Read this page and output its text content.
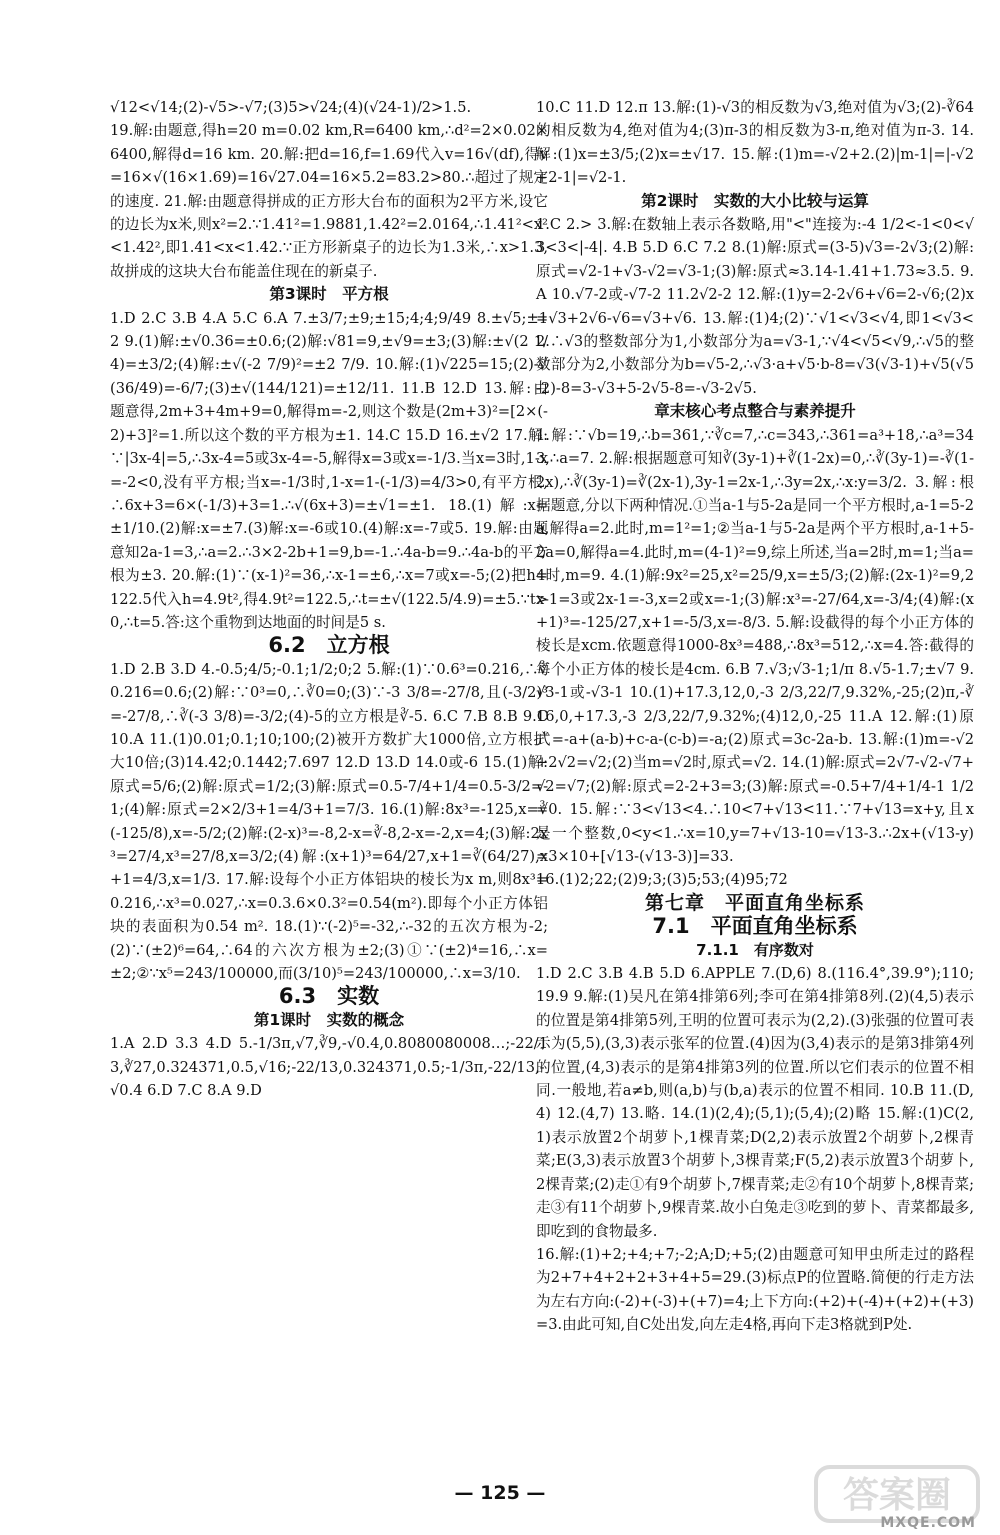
√12<√14;(2)-√5>-√7;(3)5>√24;(4)(√24-1)/2>1.5.

19.解:由题意,得h=20 m=0.02 km,R=6400 km,∴d²=2×0.02×6400,解得d=16 km. 20.解:把d=16,f=1.69代入v=16√(df),得v=16×√(16×1.69)=16√27.04=16×5.2=83.2>80.∴超过了规定的速度. 21.解:由题意得拼成的正方形大台布的面积为2平方米,设它的边长为x米,则x²=2.∵1.41²=1.9881,1.42²=2.0164,∴1.41²<x²<1.42²,即1.41<x<1.42.∵正方形新桌子的边长为1.3米,∴x>1.3,故拼成的这块大台布能盖住现在的新桌子.

第3课时　平方根

1.D 2.C 3.B 4.A 5.C 6.A 7.±3/7;±9;±15;4;4;9/49 8.±√5;±12 9.(1)解:±√0.36=±0.6;(2)解:√81=9,±√9=±3;(3)解:±√(2 1/4)=±3/2;(4)解:±√(-2 7/9)²=±2 7/9. 10.解:(1)√225=15;(2)-√(36/49)=-6/7;(3)±√(144/121)=±12/11. 11.B 12.D 13.解:由题意得,2m+3+4m+9=0,解得m=-2,则这个数是(2m+3)²=[2×(-2)+3]²=1.所以这个数的平方根为±1. 14.C 15.D 16.±√2 17.解:∵|3x-4|=5,∴3x-4=5或3x-4=-5,解得x=3或x=-1/3.当x=3时,1-x=-2<0,没有平方根;当x=-1/3时,1-x=1-(-1/3)=4/3>0,有平方根,∴6x+3=6×(-1/3)+3=1.∴√(6x+3)=±√1=±1. 18.(1)解:x=±1/10.(2)解:x=±7.(3)解:x=-6或10.(4)解:x=-7或5. 19.解:由题意知2a-1=3,∴a=2.∴3×2-2b+1=9,b=-1.∴4a-b=9.∴4a-b的平方根为±3. 20.解:(1)∵(x-1)²=36,∴x-1=±6,∴x=7或x=-5;(2)把h=122.5代入h=4.9t²,得4.9t²=122.5,∴t=±√(122.5/4.9)=±5.∵t>0,∴t=5.答:这个重物到达地面的时间是5 s.

6.2　立方根

1.D 2.B 3.D 4.-0.5;4/5;-0.1;1/2;0;2 5.解:(1)∵0.6³=0.216,∴∛0.216=0.6;(2)解:∵0³=0,∴∛0=0;(3)∵-3 3/8=-27/8,且(-3/2)³=-27/8,∴∛(-3 3/8)=-3/2;(4)-5的立方根是∛-5. 6.C 7.B 8.B 9.C 10.A 11.(1)0.01;0.1;10;100;(2)被开方数扩大1000倍,立方根扩大10倍;(3)14.42;0.1442;7.697 12.D 13.D 14.0或-6 15.(1)解:原式=5/6;(2)解:原式=1/2;(3)解:原式=0.5-7/4+1/4=0.5-3/2=-1;(4)解:原式=2×2/3+1=4/3+1=7/3. 16.(1)解:8x³=-125,x=∛(-125/8),x=-5/2;(2)解:(2-x)³=-8,2-x=∛-8,2-x=-2,x=4;(3)解:2x³=27/4,x³=27/8,x=3/2;(4)解:(x+1)³=64/27,x+1=∛(64/27),x+1=4/3,x=1/3. 17.解:设每个小正方体铝块的棱长为x m,则8x³=0.216,∴x³=0.027,∴x=0.3.6×0.3²=0.54(m²).即每个小正方体铝块的表面积为0.54 m². 18.(1)∵(-2)⁵=-32,∴-32的五次方根为-2;(2)∵(±2)⁶=64,∴64的六次方根为±2;(3)①∵(±2)⁴=16,∴x=±2;②∵x⁵=243/100000,而(3/10)⁵=243/100000,∴x=3/10.

6.3　实数

第1课时　实数的概念

1.A 2.D 3.3 4.D 5.-1/3π,√7,∛9,-√0.4,0.8080080008…;-22/13,∛27,0.324371,0.5,√16;-22/13,0.324371,0.5;-1/3π,-22/13,-√0.4 6.D 7.C 8.A 9.D

10.C 11.D 12.π 13.解:(1)-√3的相反数为√3,绝对值为√3;(2)-∛64的相反数为4,绝对值为4;(3)π-3的相反数为3-π,绝对值为π-3. 14.解:(1)x=±3/5;(2)x=±√17. 15.解:(1)m=-√2+2.(2)|m-1|=|-√2+2-1|=√2-1.

第2课时　实数的大小比较与运算

1.C 2.> 3.解:在数轴上表示各数略,用"<"连接为:-4 1/2<-1<0<√3<3<|-4|. 4.B 5.D 6.C 7.2 8.(1)解:原式=(3-5)√3=-2√3;(2)解:原式=√2-1+√3-√2=√3-1;(3)解:原式≈3.14-1.41+1.73≈3.5. 9.A 10.√7-2或-√7-2 11.2√2-2 12.解:(1)y=2-2√6+√6=2-√6;(2)x=√3+2√6-√6=√3+√6. 13.解:(1)4;(2)∵√1<√3<√4,即1<√3<2.∴√3的整数部分为1,小数部分为a=√3-1,∵√4<√5<√9,∴√5的整数部分为2,小数部分为b=√5-2,∴√3·a+√5·b-8=√3(√3-1)+√5(√5-2)-8=3-√3+5-2√5-8=-√3-2√5.

章末核心考点整合与素养提升

1.解:∵√b=19,∴b=361,∵∛c=7,∴c=343,∴361=a³+18,∴a³=343,∴a=7. 2.解:根据题意可知∛(3y-1)+∛(1-2x)=0,∴∛(3y-1)=-∛(1-2x),∴∛(3y-1)=∛(2x-1),3y-1=2x-1,∴3y=2x,∴x:y=3/2. 3.解:根据题意,分以下两种情况.①当a-1与5-2a是同一个平方根时,a-1=5-2a,解得a=2.此时,m=1²=1;②当a-1与5-2a是两个平方根时,a-1+5-2a=0,解得a=4.此时,m=(4-1)²=9,综上所述,当a=2时,m=1;当a=4时,m=9. 4.(1)解:9x²=25,x²=25/9,x=±5/3;(2)解:(2x-1)²=9,2x-1=3或2x-1=-3,x=2或x=-1;(3)解:x³=-27/64,x=-3/4;(4)解:(x+1)³=-125/27,x+1=-5/3,x=-8/3. 5.解:设截得的每个小正方体的棱长是xcm.依题意得1000-8x³=488,∴8x³=512,∴x=4.答:截得的每个小正方体的棱长是4cm. 6.B 7.√3;√3-1;1/π 8.√5-1.7;±√7 9.√3-1或-√3-1 10.(1)+17.3,12,0,-3 2/3,22/7,9.32%,-25;(2)π,-∛16,0,+17.3,-3 2/3,22/7,9.32%;(4)12,0,-25 11.A 12.解:(1)原式=-a+(a-b)+c-a-(c-b)=-a;(2)原式=3c-2a-b. 13.解:(1)m=-√2+2√2=√2;(2)当m=√2时,原式=√2. 14.(1)解:原式=2√7-√2-√7+√2=√7;(2)解:原式=2-2+3=3;(3)解:原式=-0.5+7/4+1/4-1 1/2=0. 15.解:∵3<√13<4.∴10<7+√13<11.∵7+√13=x+y,且x是一个整数,0<y<1.∴x=10,y=7+√13-10=√13-3.∴2x+(√13-y)=3×10+[√13-(√13-3)]=33.

16.(1)2;22;(2)9;3;(3)5;53;(4)95;72

第七章　平面直角坐标系

7.1　平面直角坐标系

7.1.1　有序数对

1.D 2.C 3.B 4.B 5.D 6.APPLE 7.(D,6) 8.(116.4°,39.9°);110;19.9 9.解:(1)吴凡在第4排第6列;李可在第4排第8列.(2)(4,5)表示的位置是第4排第5列,王明的位置可表示为(2,2).(3)张强的位置可表示为(5,5),(3,3)表示张军的位置.(4)因为(3,4)表示的是第3排第4列的位置,(4,3)表示的是第4排第3列的位置.所以它们表示的位置不相同.一般地,若a≠b,则(a,b)与(b,a)表示的位置不相同. 10.B 11.(D,4) 12.(4,7) 13.略. 14.(1)(2,4);(5,1);(5,4);(2)略 15.解:(1)C(2,1)表示放置2个胡萝卜,1棵青菜;D(2,2)表示放置2个胡萝卜,2棵青菜;E(3,3)表示放置3个胡萝卜,3棵青菜;F(5,2)表示放置3个胡萝卜,2棵青菜;(2)走①有9个胡萝卜,7棵青菜;走②有10个胡萝卜,8棵青菜;走③有11个胡萝卜,9棵青菜.故小白兔走③吃到的萝卜、青菜都最多,即吃到的食物最多.

16.解:(1)+2;+4;+7;-2;A;D;+5;(2)由题意可知甲虫所走过的路程为2+7+4+2+2+3+4+5=29.(3)标点P的位置略.简便的行走方法为左右方向:(-2)+(-3)+(+7)=4;上下方向:(+2)+(-4)+(+2)+(+3)=3.由此可知,自C处出发,向左走4格,再向下走3格就到P处.

— 125 —	答案圈
MXQE.COM
